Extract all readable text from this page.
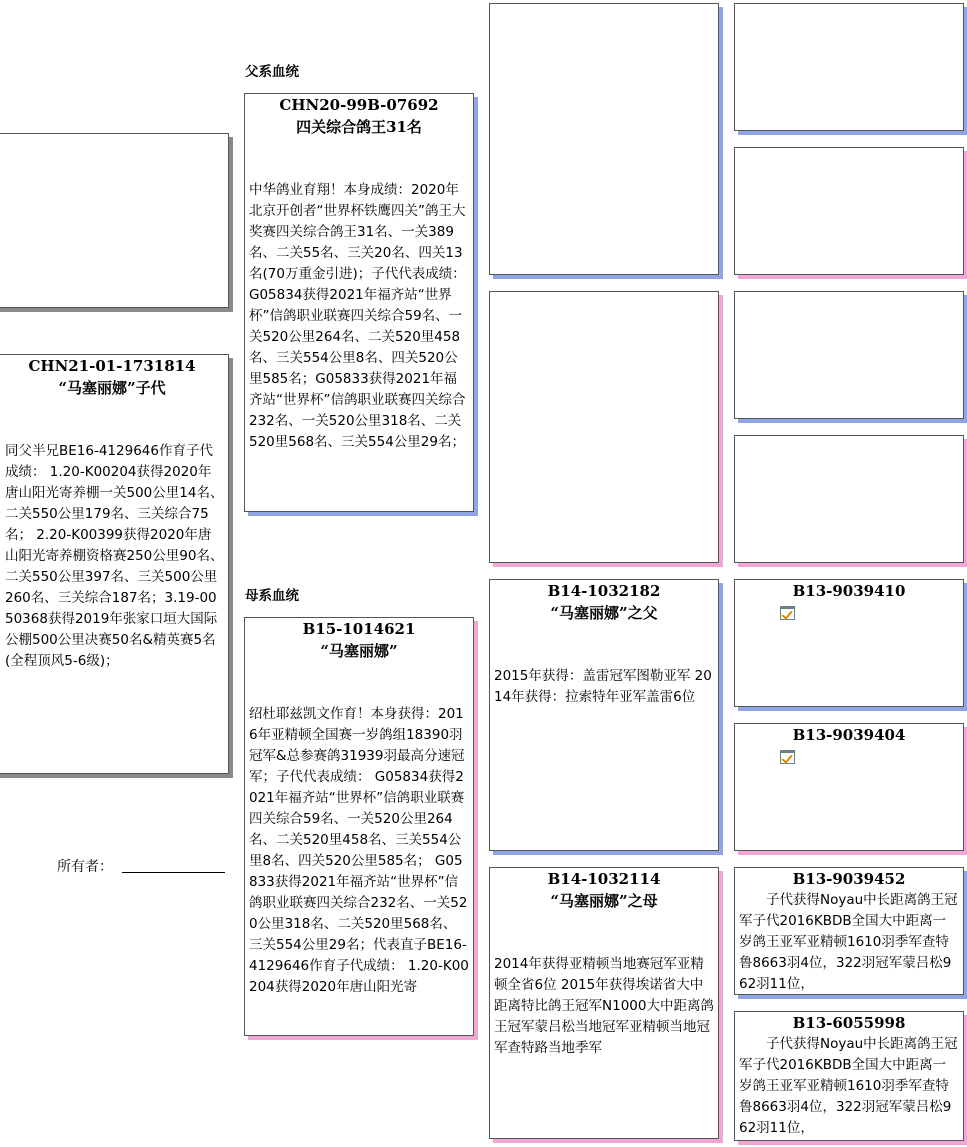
父系血统
母系血统
CHN21-01-1731814
“马塞丽娜”子代
同父半兄BE16-4129646作育子代成绩： 1.20-K00204获得2020年唐山阳光寄养棚一关500公里14名、二关550公里179名、三关综合75名； 2.20-K00399获得2020年唐山阳光寄养棚资格赛250公里90名、二关550公里397名、三关500公里260名、三关综合187名；3.19-0050368获得2019年张家口垣大国际公棚500公里决赛50名&精英赛5名(全程顶风5-6级)；
所有者：
CHN20-99B-07692
四关综合鸽王31名
中华鸽业育翔！本身成绩：2020年北京开创者“世界杯铁鹰四关”鸽王大奖赛四关综合鸽王31名、一关389名、二关55名、三关20名、四关13名(70万重金引进)；子代代表成绩：G05834获得2021年福齐站“世界杯”信鸽职业联赛四关综合59名、一关520公里264名、二关520里458名、三关554公里8名、四关520公里585名；G05833获得2021年福齐站“世界杯”信鸽职业联赛四关综合232名、一关520公里318名、二关520里568名、三关554公里29名；
B15-1014621
“马塞丽娜”
绍杜耶兹凯文作育！本身获得：2016年亚精顿全国赛一岁鸽组18390羽冠军&总参赛鸽31939羽最高分速冠军；子代代表成绩： G05834获得2021年福齐站“世界杯”信鸽职业联赛四关综合59名、一关520公里264名、二关520里458名、三关554公里8名、四关520公里585名； G05833获得2021年福齐站“世界杯”信鸽职业联赛四关综合232名、一关520公里318名、二关520里568名、三关554公里29名；代表直子BE16-4129646作育子代成绩： 1.20-K00204获得2020年唐山阳光寄
B14-1032182
“马塞丽娜”之父
2015年获得：盖雷冠军图勒亚军 2014年获得：拉索特年亚军盖雷6位
B14-1032114
“马塞丽娜”之母
2014年获得亚精顿当地赛冠军亚精顿全省6位 2015年获得埃诺省大中距离特比鸽王冠军N1000大中距离鸽王冠军蒙吕松当地冠军亚精顿当地冠军查特路当地季军
B13-9039410
B13-9039404
B13-9039452
　　子代获得Noyau中长距离鸽王冠军子代2016KBDB全国大中距离一岁鸽王亚军亚精顿1610羽季军查特鲁8663羽4位，322羽冠军蒙吕松962羽11位，
B13-6055998
　　子代获得Noyau中长距离鸽王冠军子代2016KBDB全国大中距离一岁鸽王亚军亚精顿1610羽季军查特鲁8663羽4位，322羽冠军蒙吕松962羽11位，
